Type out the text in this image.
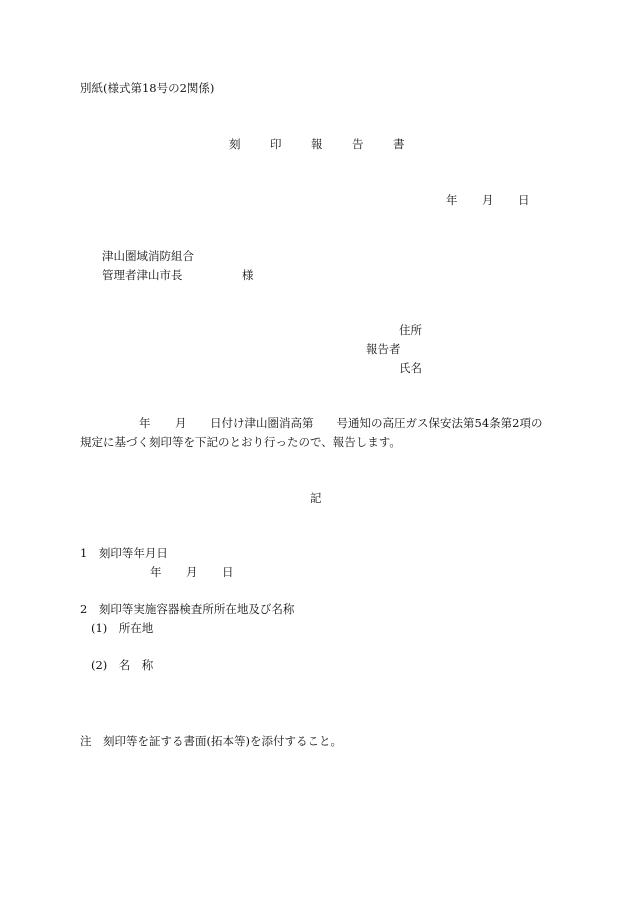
別紙(様式第18号の2関係)
刻	印	報	告	書
年 月 日
津山圏域消防組合
管理者津山市長	様
住所
報告者
氏名
年 月 日付け津山圏消高第　　号通知の高圧ガス保安法第54条第2項の
規定に基づく刻印等を下記のとおり行ったので、報告します。
記
1　刻印等年月日
年 月 日
2　刻印等実施容器検査所所在地及び名称
(1)　所在地
(2)　名　称
注　刻印等を証する書面(拓本等)を添付すること。
